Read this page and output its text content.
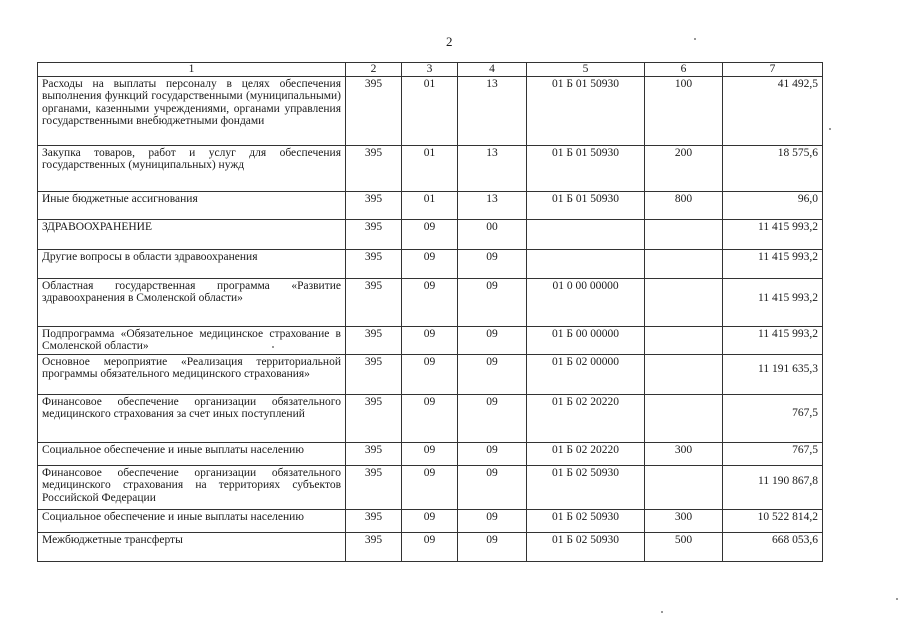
2
1	2	3	4	5	6	7
Расходы на выплаты персоналу в целях обеспечения выполнения функций государственными (муниципальными) органами, казенными учреждениями, органами управления государственными внебюджетными фондами	395	01	13	01 Б 01 50930	100	41 492,5
Закупка товаров, работ и услуг для обеспечения государственных (муниципальных) нужд	395	01	13	01 Б 01 50930	200	18 575,6
Иные бюджетные ассигнования	395	01	13	01 Б 01 50930	800	96,0
ЗДРАВООХРАНЕНИЕ	395	09	00			11 415 993,2
Другие вопросы в области здравоохранения	395	09	09			11 415 993,2
Областная государственная программа «Развитие здравоохранения в Смоленской области»	395	09	09	01 0 00 00000		11 415 993,2
Подпрограмма «Обязательное медицинское страхование в Смоленской области»	395	09	09	01 Б 00 00000		11 415 993,2
Основное мероприятие «Реализация территориальной программы обязательного медицинского страхования»	395	09	09	01 Б 02 00000		11 191 635,3
Финансовое обеспечение организации обязательного медицинского страхования за счет иных поступлений	395	09	09	01 Б 02 20220		767,5
Социальное обеспечение и иные выплаты населению	395	09	09	01 Б 02 20220	300	767,5
Финансовое обеспечение организации обязательного медицинского страхования на территориях субъектов Российской Федерации	395	09	09	01 Б 02 50930		11 190 867,8
Социальное обеспечение и иные выплаты населению	395	09	09	01 Б 02 50930	300	10 522 814,2
Межбюджетные трансферты	395	09	09	01 Б 02 50930	500	668 053,6
